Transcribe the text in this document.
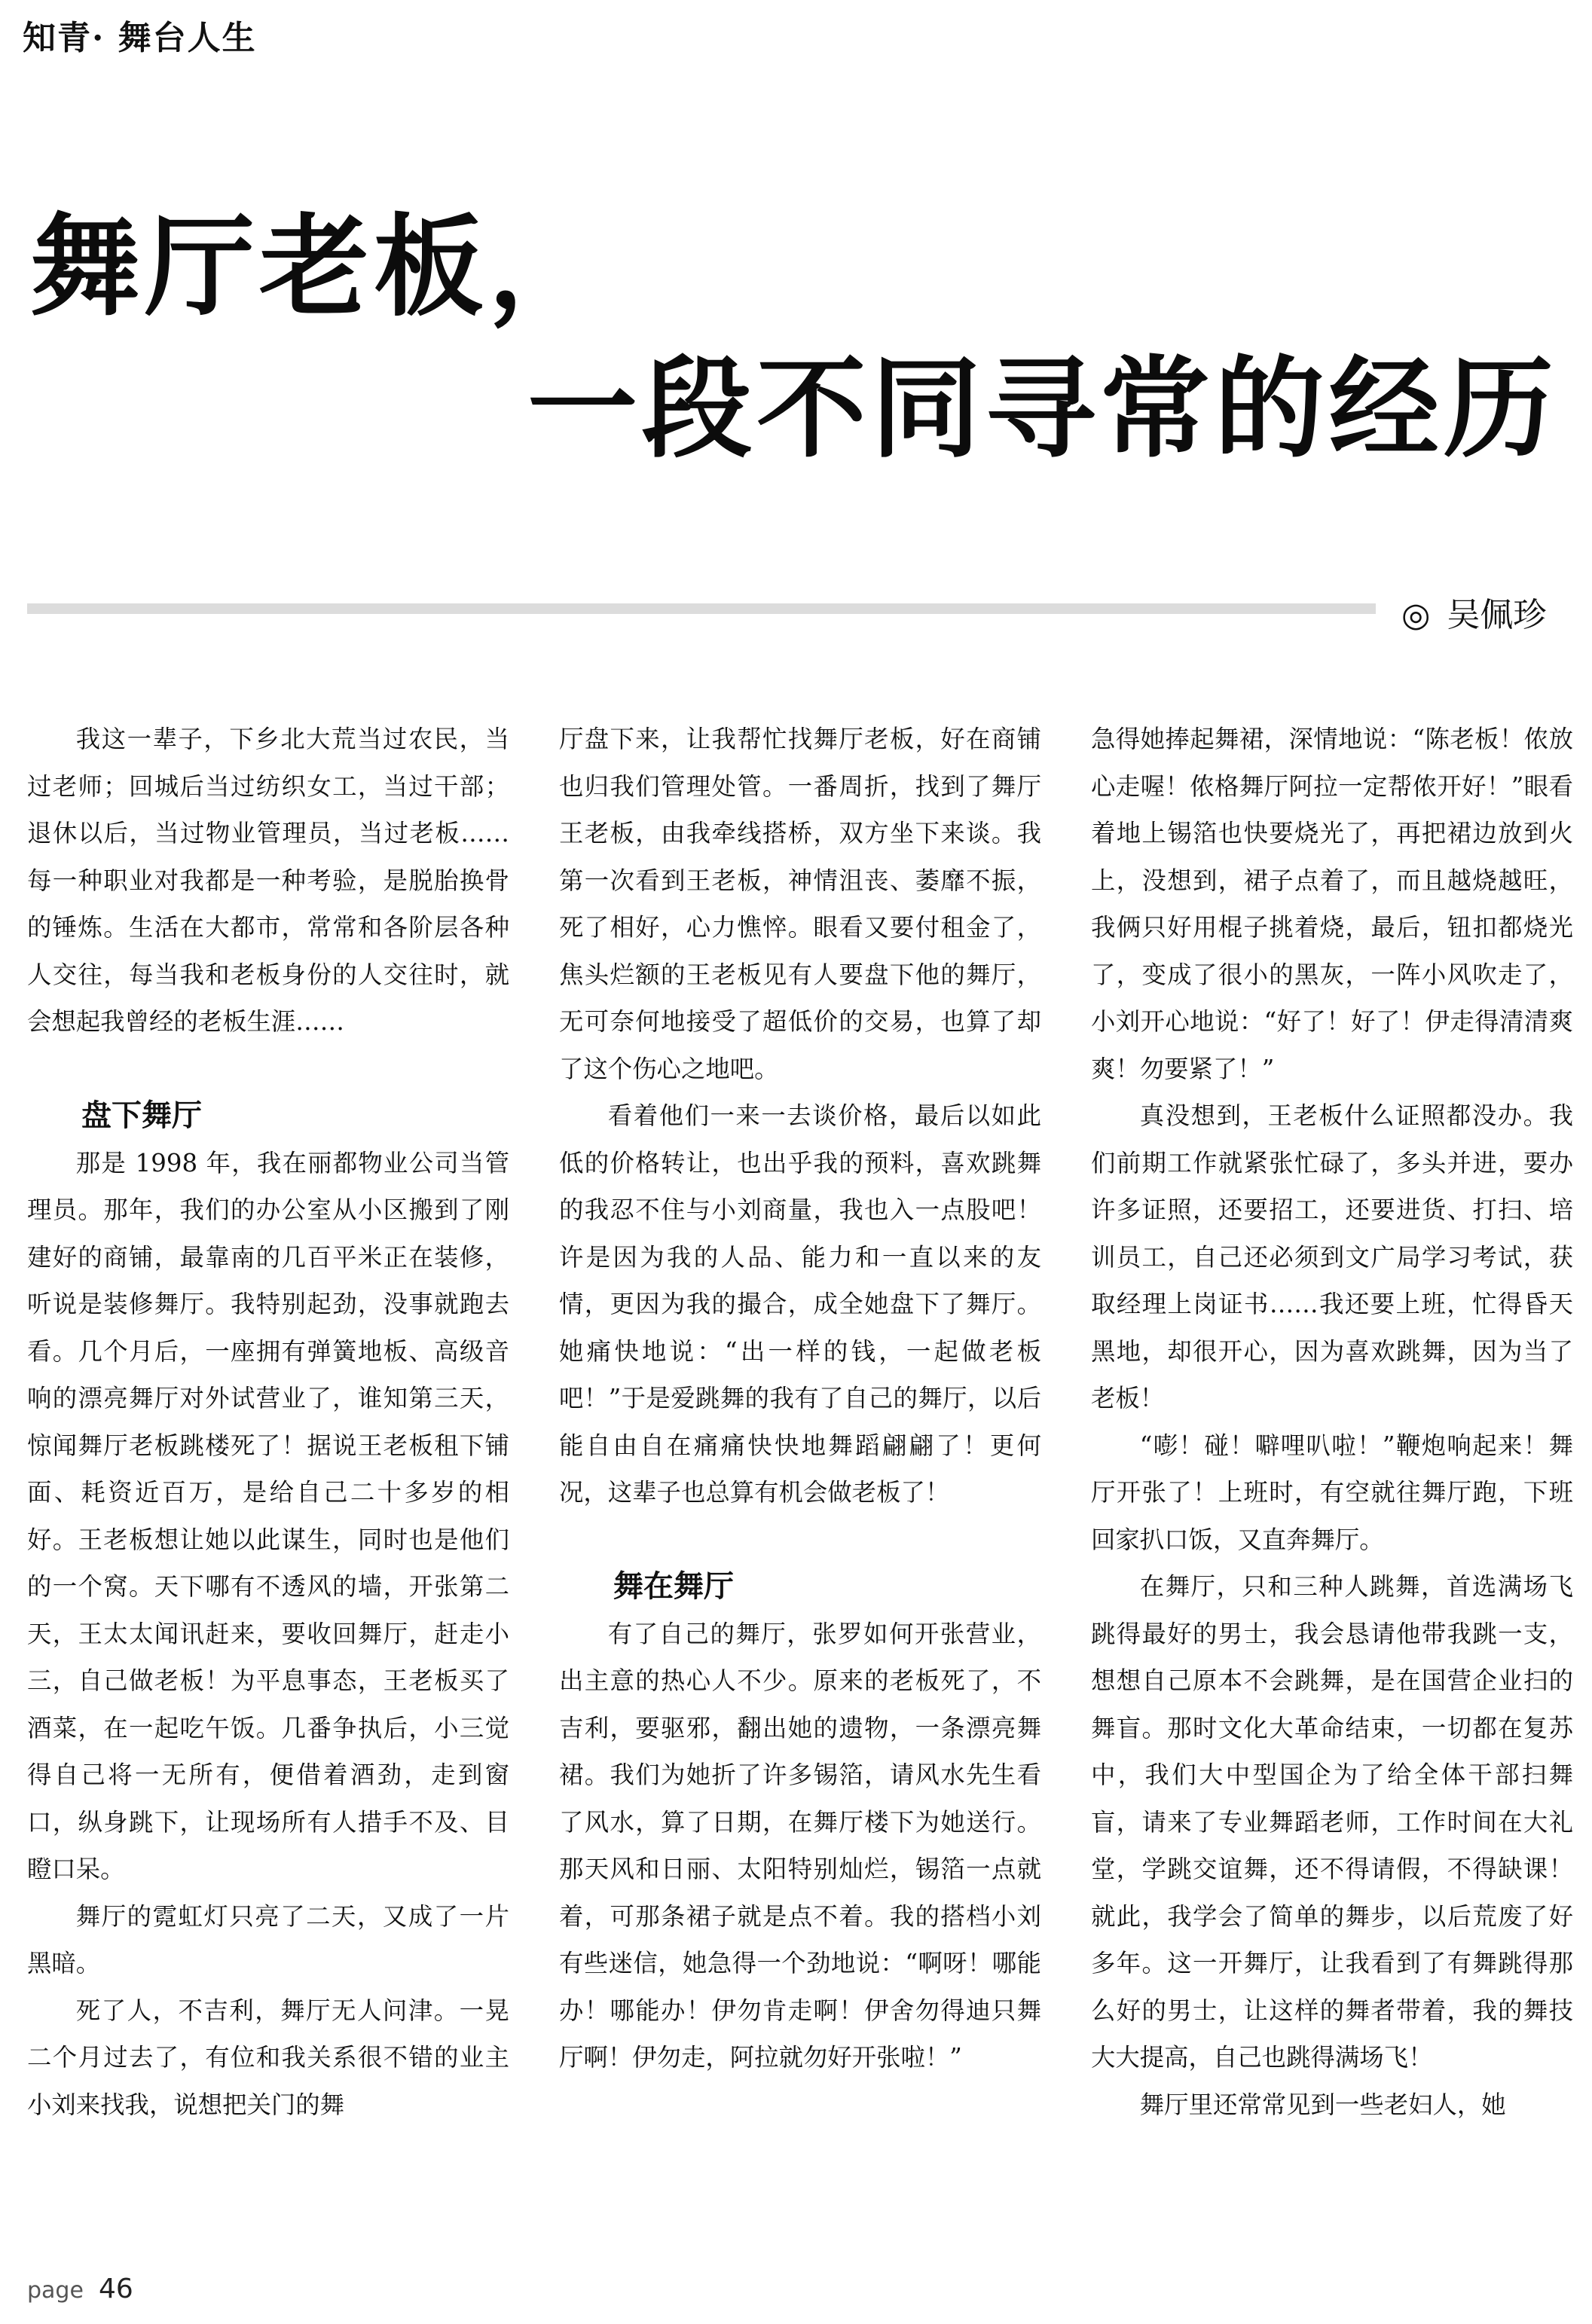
知青· 舞台人生
舞厅老板，
一段不同寻常的经历
◎ 吴佩珍

我这一辈子，下乡北大荒当过农民，当过老师；回城后当过纺织女工，当过干部；退休以后，当过物业管理员，当过老板……每一种职业对我都是一种考验，是脱胎换骨的锤炼。生活在大都市，常常和各阶层各种人交往，每当我和老板身份的人交往时，就会想起我曾经的老板生涯……

盘下舞厅

那是 1998 年，我在丽都物业公司当管理员。那年，我们的办公室从小区搬到了刚建好的商铺，最靠南的几百平米正在装修，听说是装修舞厅。我特别起劲，没事就跑去看。几个月后，一座拥有弹簧地板、高级音响的漂亮舞厅对外试营业了，谁知第三天，惊闻舞厅老板跳楼死了！据说王老板租下铺面、耗资近百万，是给自己二十多岁的相好。王老板想让她以此谋生，同时也是他们的一个窝。天下哪有不透风的墙，开张第二天，王太太闻讯赶来，要收回舞厅，赶走小三，自己做老板！为平息事态，王老板买了酒菜，在一起吃午饭。几番争执后，小三觉得自己将一无所有，便借着酒劲，走到窗口，纵身跳下，让现场所有人措手不及、目瞪口呆。

舞厅的霓虹灯只亮了二天，又成了一片黑暗。

死了人，不吉利，舞厅无人问津。一晃二个月过去了，有位和我关系很不错的业主小刘来找我，说想把关门的舞

厅盘下来，让我帮忙找舞厅老板，好在商铺也归我们管理处管。一番周折，找到了舞厅王老板，由我牵线搭桥，双方坐下来谈。我第一次看到王老板，神情沮丧、萎靡不振，死了相好，心力憔悴。眼看又要付租金了，焦头烂额的王老板见有人要盘下他的舞厅，无可奈何地接受了超低价的交易，也算了却了这个伤心之地吧。

看着他们一来一去谈价格，最后以如此低的价格转让，也出乎我的预料，喜欢跳舞的我忍不住与小刘商量，我也入一点股吧！许是因为我的人品、能力和一直以来的友情，更因为我的撮合，成全她盘下了舞厅。她痛快地说：“出一样的钱，一起做老板吧！”于是爱跳舞的我有了自己的舞厅，以后能自由自在痛痛快快地舞蹈翩翩了！更何况，这辈子也总算有机会做老板了！

舞在舞厅

有了自己的舞厅，张罗如何开张营业，出主意的热心人不少。原来的老板死了，不吉利，要驱邪，翻出她的遗物，一条漂亮舞裙。我们为她折了许多锡箔，请风水先生看了风水，算了日期，在舞厅楼下为她送行。那天风和日丽、太阳特别灿烂，锡箔一点就着，可那条裙子就是点不着。我的搭档小刘有些迷信，她急得一个劲地说：“啊呀！哪能办！哪能办！伊勿肯走啊！伊舍勿得迪只舞厅啊！伊勿走，阿拉就勿好开张啦！”

急得她捧起舞裙，深情地说：“陈老板！侬放心走喔！侬格舞厅阿拉一定帮侬开好！”眼看着地上锡箔也快要烧光了，再把裙边放到火上，没想到，裙子点着了，而且越烧越旺，我俩只好用棍子挑着烧，最后，钮扣都烧光了，变成了很小的黑灰，一阵小风吹走了，小刘开心地说：“好了！好了！伊走得清清爽爽！勿要紧了！”

真没想到，王老板什么证照都没办。我们前期工作就紧张忙碌了，多头并进，要办许多证照，还要招工，还要进货、打扫、培训员工，自己还必须到文广局学习考试，获取经理上岗证书……我还要上班，忙得昏天黑地，却很开心，因为喜欢跳舞，因为当了老板！

“嘭！碰！噼哩叭啦！”鞭炮响起来！舞厅开张了！上班时，有空就往舞厅跑，下班回家扒口饭，又直奔舞厅。

在舞厅，只和三种人跳舞，首选满场飞跳得最好的男士，我会恳请他带我跳一支，想想自己原本不会跳舞，是在国营企业扫的舞盲。那时文化大革命结束，一切都在复苏中，我们大中型国企为了给全体干部扫舞盲，请来了专业舞蹈老师，工作时间在大礼堂，学跳交谊舞，还不得请假，不得缺课！就此，我学会了简单的舞步，以后荒废了好多年。这一开舞厅，让我看到了有舞跳得那么好的男士，让这样的舞者带着，我的舞技大大提高，自己也跳得满场飞！

舞厅里还常常见到一些老妇人，她

page 46
